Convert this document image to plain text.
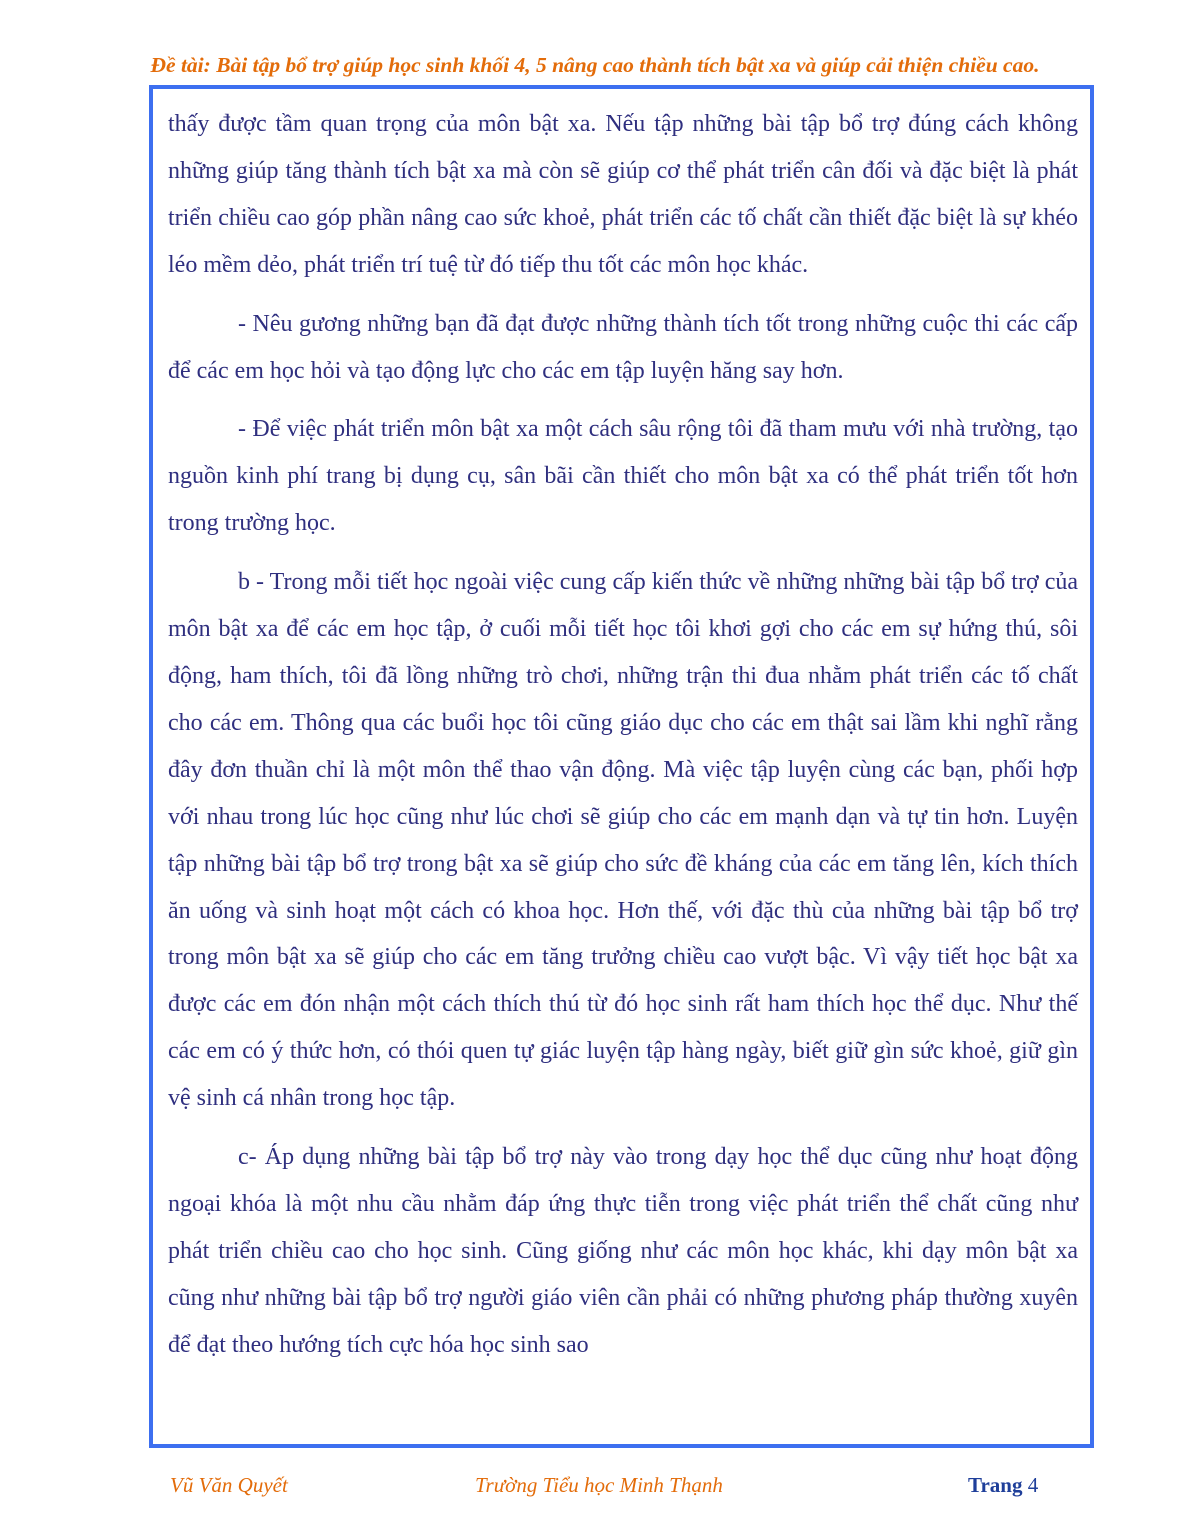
Đề tài: Bài tập bổ trợ giúp học sinh khối 4, 5 nâng cao thành tích bật xa và giúp cải thiện chiều cao.

thấy được tầm quan trọng của môn bật xa. Nếu tập những bài tập bổ trợ đúng cách không những giúp tăng thành tích bật xa mà còn sẽ giúp cơ thể phát triển cân đối và đặc biệt là phát triển chiều cao góp phần nâng cao sức khoẻ, phát triển các tố chất cần thiết đặc biệt là sự khéo léo mềm dẻo, phát triển trí tuệ từ đó tiếp thu tốt các môn học khác.

- Nêu gương những bạn đã đạt được những thành tích tốt trong những cuộc thi các cấp để các em học hỏi và tạo động lực cho các em tập luyện hăng say hơn.

- Để việc phát triển môn bật xa một cách sâu rộng tôi đã tham mưu với nhà trường, tạo nguồn kinh phí trang bị dụng cụ, sân bãi cần thiết cho môn bật xa có thể phát triển tốt hơn trong trường học.

b - Trong mỗi tiết học ngoài việc cung cấp kiến thức về những những bài tập bổ trợ của môn bật xa để các em học tập, ở cuối mỗi tiết học tôi khơi gợi cho các em sự hứng thú, sôi động, ham thích, tôi đã lồng những trò chơi, những trận thi đua nhằm phát triển các tố chất cho các em. Thông qua các buổi học tôi cũng giáo dục cho các em thật sai lầm khi nghĩ rằng đây đơn thuần chỉ là một môn thể thao vận động. Mà việc tập luyện cùng các bạn, phối hợp với nhau trong lúc học cũng như lúc chơi sẽ giúp cho các em mạnh dạn và tự tin hơn. Luyện tập những bài tập bổ trợ trong bật xa sẽ giúp cho sức đề kháng của các em tăng lên, kích thích ăn uống và sinh hoạt một cách có khoa học. Hơn thế, với đặc thù của những bài tập bổ trợ trong môn bật xa sẽ giúp cho các em tăng trưởng chiều cao vượt bậc. Vì vậy tiết học bật xa được các em đón nhận một cách thích thú từ đó học sinh rất ham thích học thể dục. Như thế các em có ý thức hơn, có thói quen tự giác luyện tập hàng ngày, biết giữ gìn sức khoẻ, giữ gìn vệ sinh cá nhân trong học tập.

c- Áp dụng những bài tập bổ trợ này vào trong dạy học thể dục cũng như hoạt động ngoại khóa là một nhu cầu nhằm đáp ứng thực tiễn trong việc phát triển thể chất cũng như phát triển chiều cao cho học sinh. Cũng giống như các môn học khác, khi dạy môn bật xa cũng như những bài tập bổ trợ người giáo viên cần phải có những phương pháp thường xuyên để đạt theo hướng tích cực hóa học sinh sao

Vũ Văn Quyết	Trường Tiểu học Minh Thạnh	Trang 4
